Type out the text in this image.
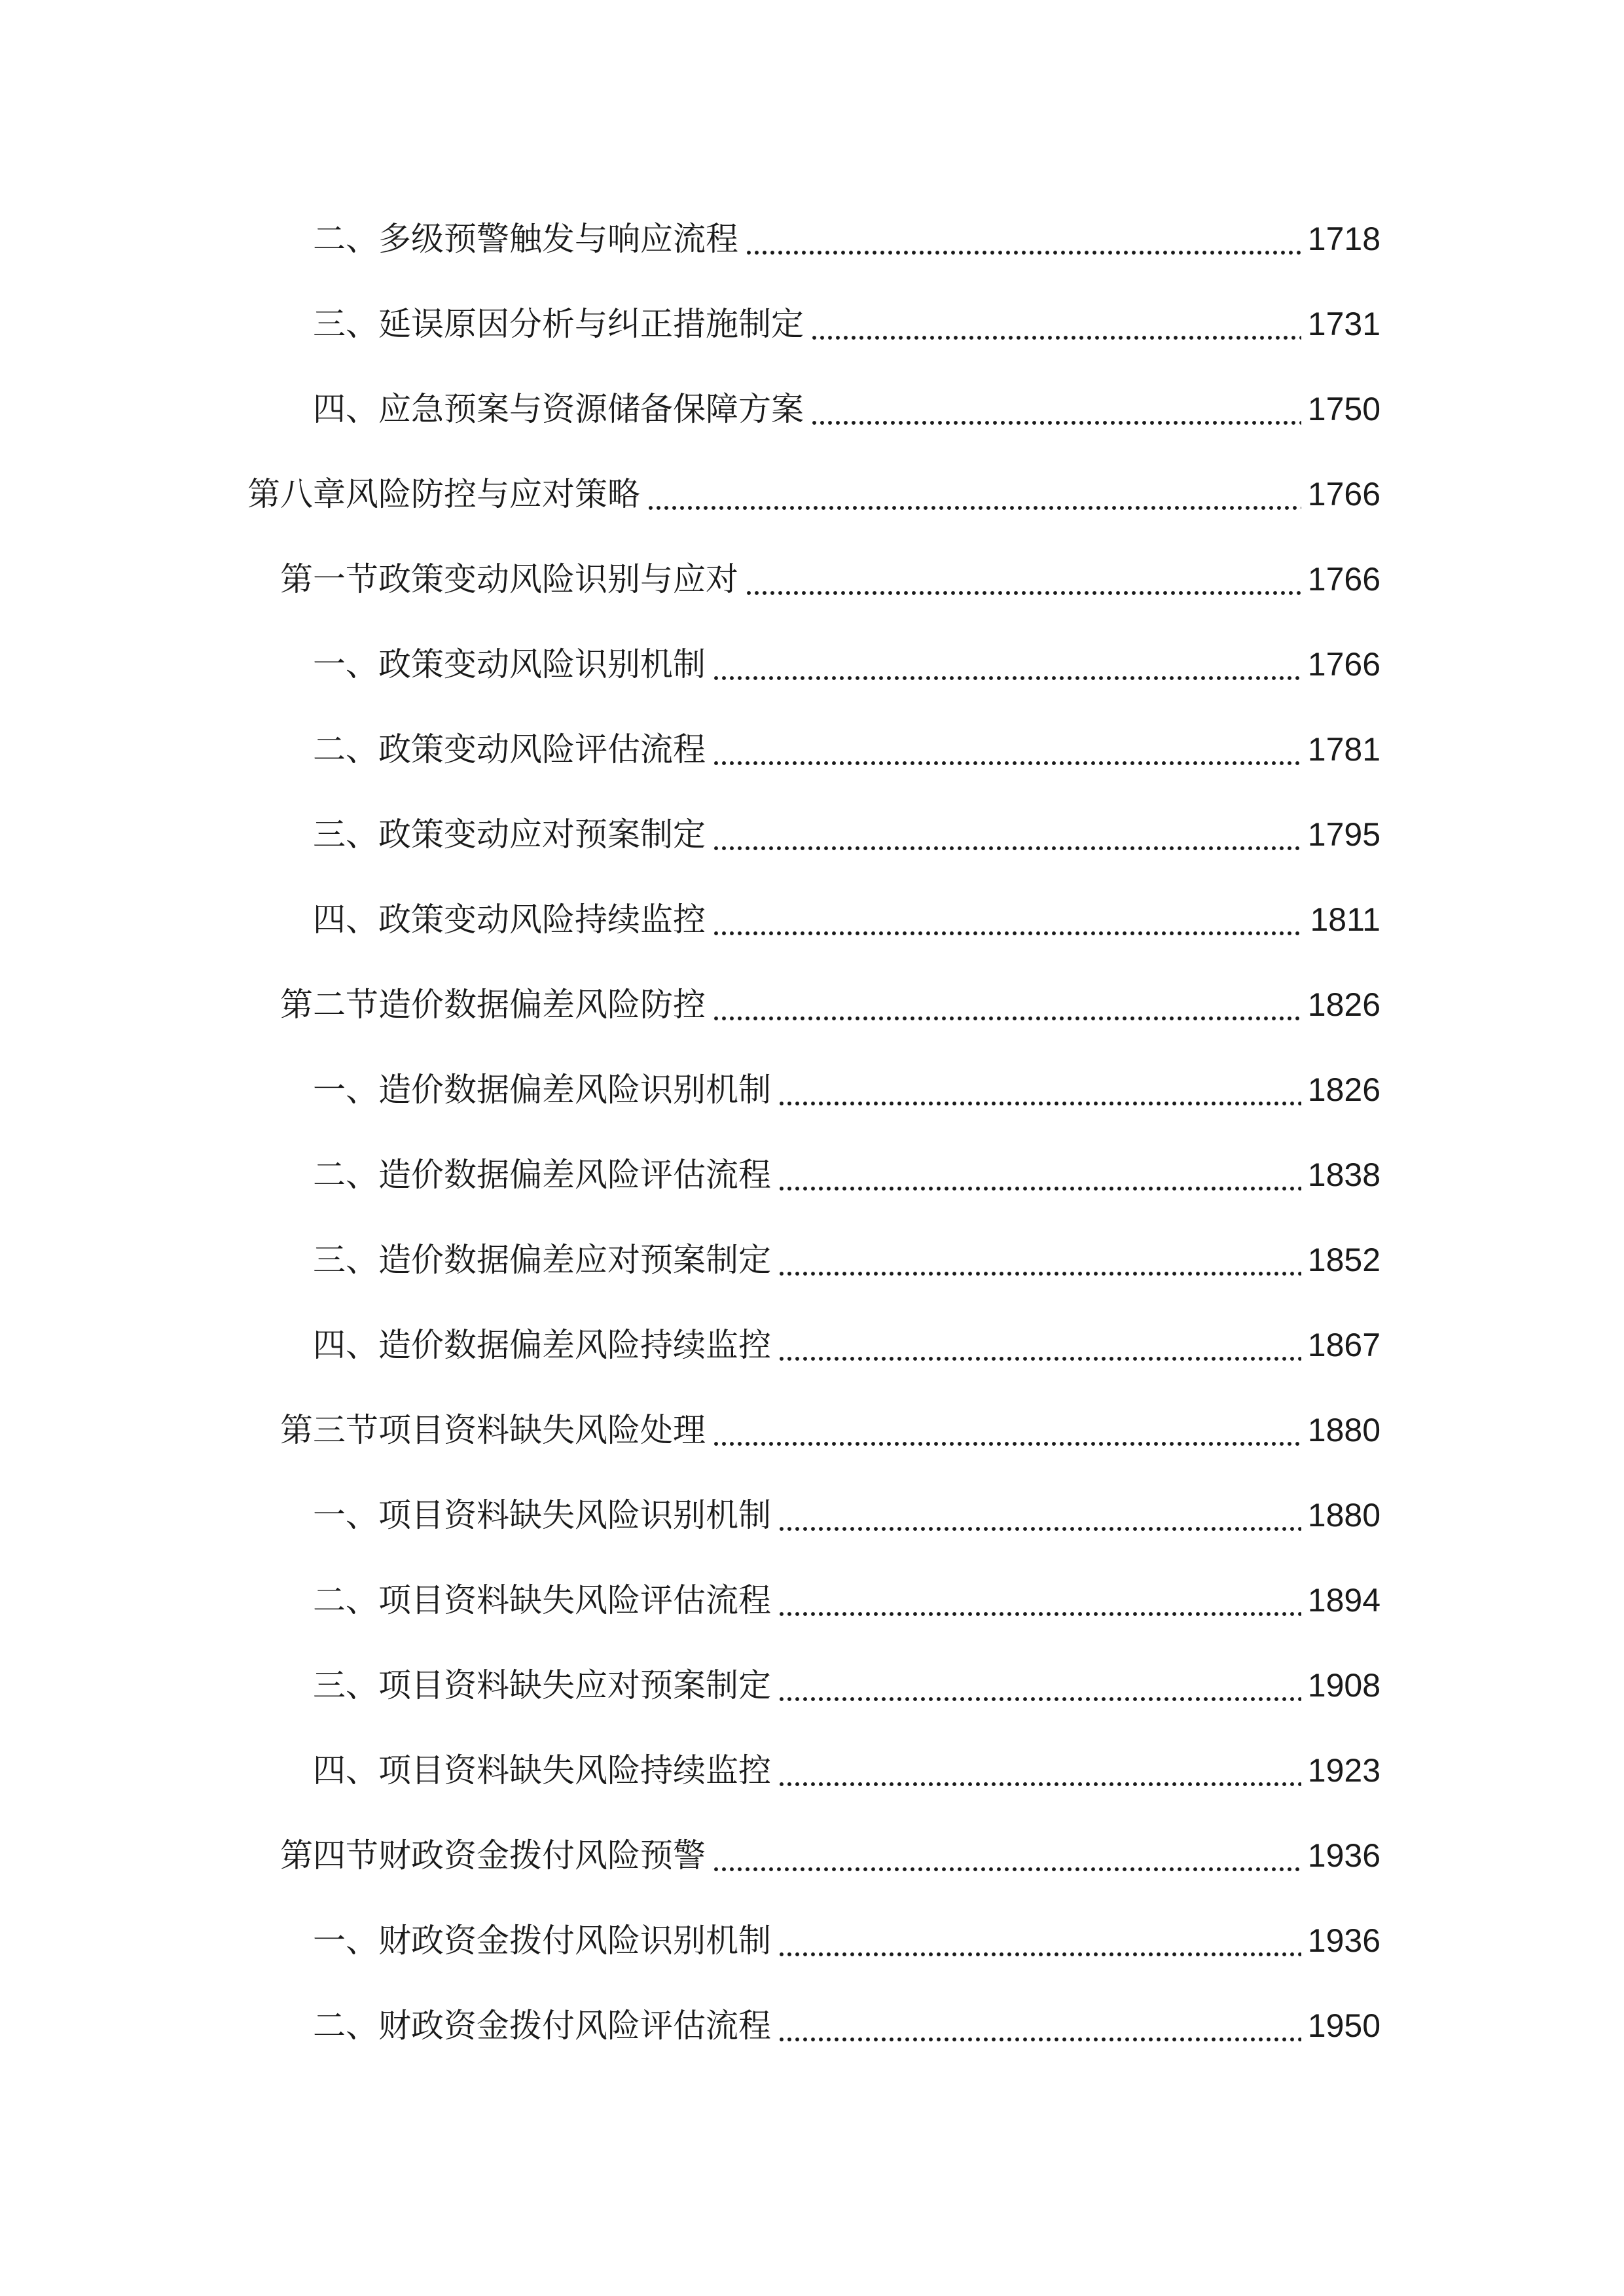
二、多级预警触发与响应流程	1718
三、延误原因分析与纠正措施制定	1731
四、应急预案与资源储备保障方案	1750
第八章风险防控与应对策略	1766
第一节政策变动风险识别与应对	1766
一、政策变动风险识别机制	1766
二、政策变动风险评估流程	1781
三、政策变动应对预案制定	1795
四、政策变动风险持续监控	1811
第二节造价数据偏差风险防控	1826
一、造价数据偏差风险识别机制	1826
二、造价数据偏差风险评估流程	1838
三、造价数据偏差应对预案制定	1852
四、造价数据偏差风险持续监控	1867
第三节项目资料缺失风险处理	1880
一、项目资料缺失风险识别机制	1880
二、项目资料缺失风险评估流程	1894
三、项目资料缺失应对预案制定	1908
四、项目资料缺失风险持续监控	1923
第四节财政资金拨付风险预警	1936
一、财政资金拨付风险识别机制	1936
二、财政资金拨付风险评估流程	1950
